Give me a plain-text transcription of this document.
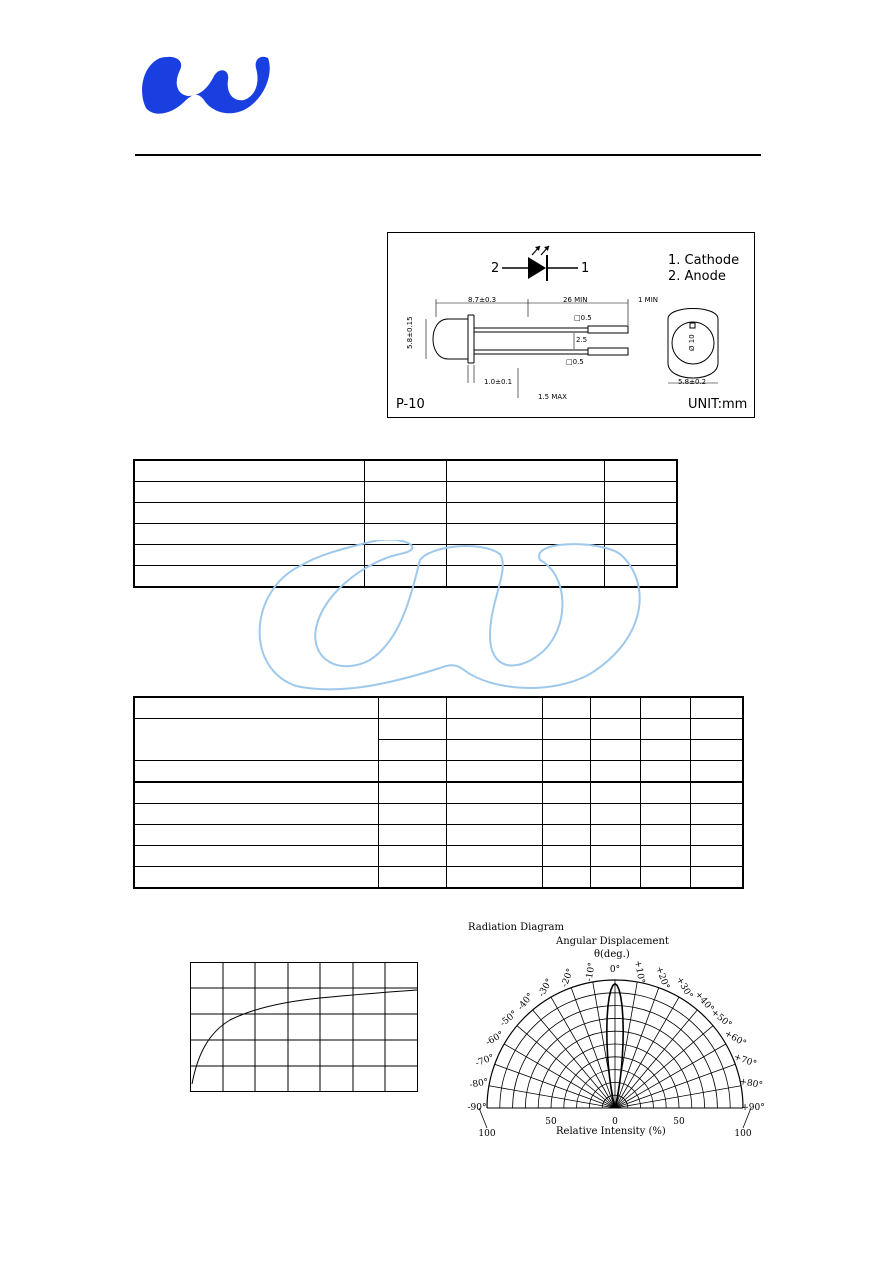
2	1
1. Cathode
2. Anode
8.7±0.3	26 MIN	1 MIN
□0.5
2.5
□0.5
5.8±0.15
1.0±0.1
1.5 MAX
5.8±0.2
Ø 10
P-10	UNIT:mm

Radiation Diagram
Angular Displacement
θ(deg.)
Relative Intensity (%)
0°
-10°	+10°
-20°	+20°
-30°	+30°
-40°	+40°
-50°	+50°
-60°	+60°
-70°	+70°
-80°	+80°
-90°	+90°
100
50	0	50
100
